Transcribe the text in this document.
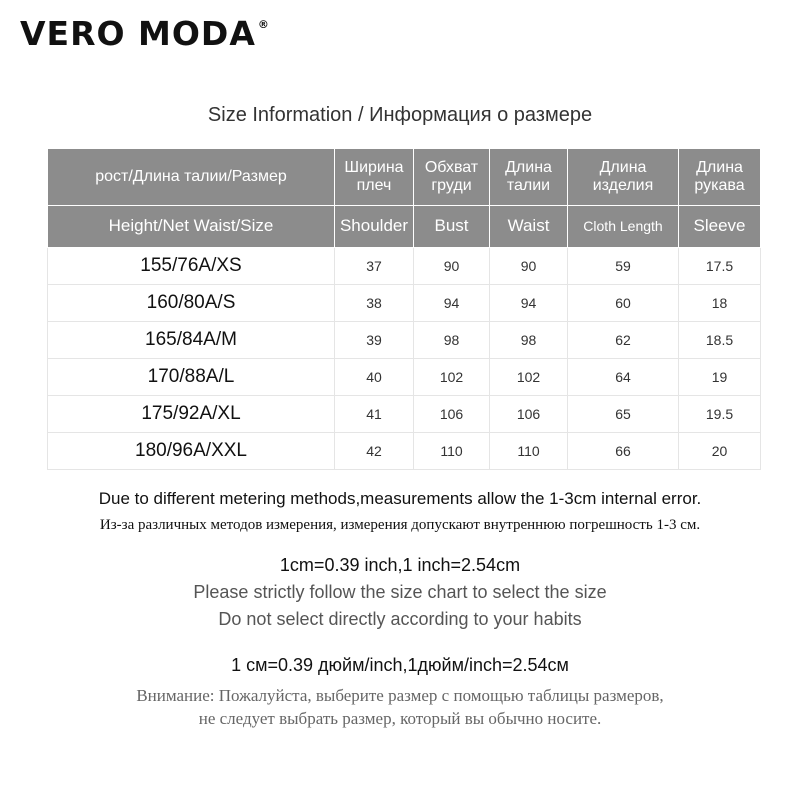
VERO MODA ®
Size Information / Информация о размере
рост/Длина талии/Размер	Ширина плеч	Обхват груди	Длина талии	Длина изделия	Длина рукава
Height/Net Waist/Size	Shoulder	Bust	Waist	Cloth Length	Sleeve
155/76A/XS	37	90	90	59	17.5
160/80A/S	38	94	94	60	18
165/84A/M	39	98	98	62	18.5
170/88A/L	40	102	102	64	19
175/92A/XL	41	106	106	65	19.5
180/96A/XXL	42	110	110	66	20
Due to different metering methods,measurements allow the 1-3cm internal error.
Из-за различных методов измерения, измерения допускают внутреннюю погрешность 1-3 см.
1cm=0.39 inch,1 inch=2.54cm
Please strictly follow the size chart to select the size
Do not select directly according to your habits
1 см=0.39 дюйм/inch,1дюйм/inch=2.54см
Внимание: Пожалуйста, выберите размер с помощью таблицы размеров,
не следует выбрать размер, который вы обычно носите.
